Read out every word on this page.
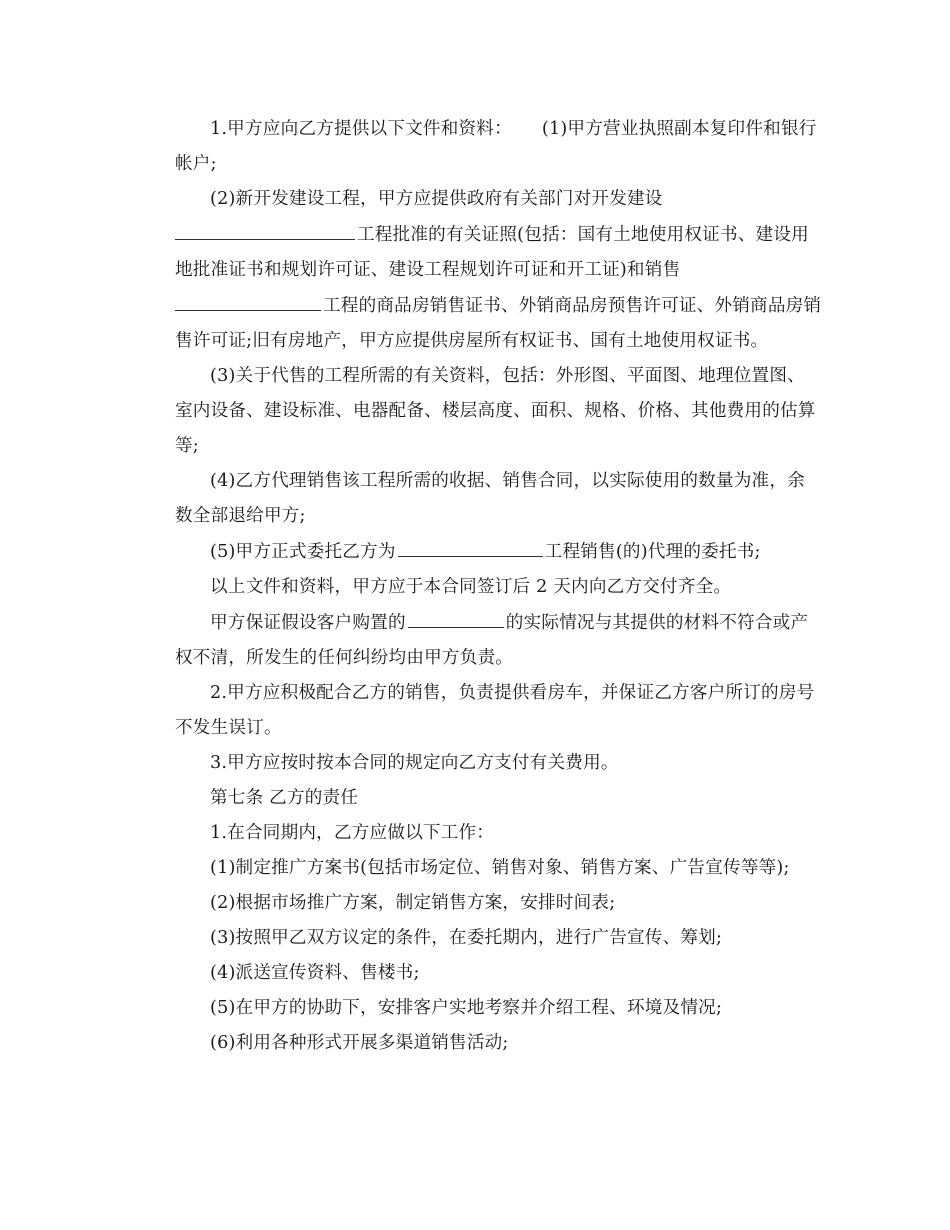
1.甲方应向乙方提供以下文件和资料： (1)甲方营业执照副本复印件和银行
帐户;
(2)新开发建设工程，甲方应提供政府有关部门对开发建设
工程批准的有关证照(包括：国有土地使用权证书、建设用
地批准证书和规划许可证、建设工程规划许可证和开工证)和销售
工程的商品房销售证书、外销商品房预售许可证、外销商品房销
售许可证;旧有房地产，甲方应提供房屋所有权证书、国有土地使用权证书。
(3)关于代售的工程所需的有关资料，包括：外形图、平面图、地理位置图、
室内设备、建设标准、电器配备、楼层高度、面积、规格、价格、其他费用的估算
等;
(4)乙方代理销售该工程所需的收据、销售合同，以实际使用的数量为准，余
数全部退给甲方;
(5)甲方正式委托乙方为	工程销售(的)代理的委托书;
以上文件和资料，甲方应于本合同签订后 2 天内向乙方交付齐全。
甲方保证假设客户购置的	的实际情况与其提供的材料不符合或产
权不清，所发生的任何纠纷均由甲方负责。
2.甲方应积极配合乙方的销售，负责提供看房车，并保证乙方客户所订的房号
不发生误订。
3.甲方应按时按本合同的规定向乙方支付有关费用。
第七条 乙方的责任
1.在合同期内，乙方应做以下工作：
(1)制定推广方案书(包括市场定位、销售对象、销售方案、广告宣传等等);
(2)根据市场推广方案，制定销售方案，安排时间表;
(3)按照甲乙双方议定的条件，在委托期内，进行广告宣传、筹划;
(4)派送宣传资料、售楼书;
(5)在甲方的协助下，安排客户实地考察并介绍工程、环境及情况;
(6)利用各种形式开展多渠道销售活动;
